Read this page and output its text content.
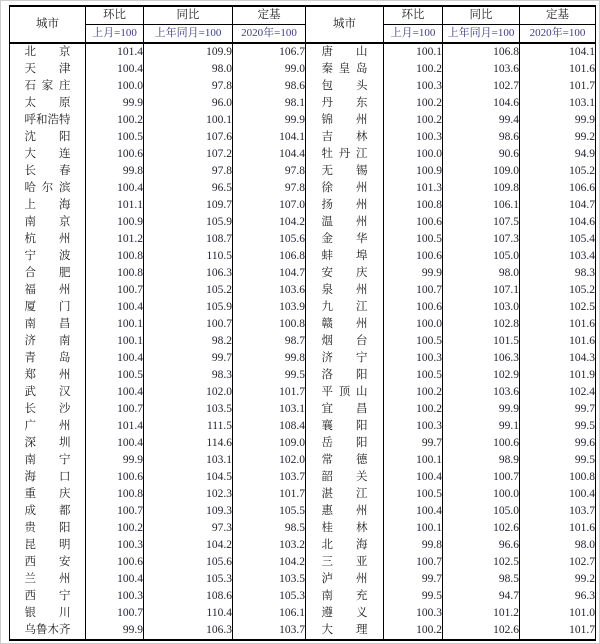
城市	环比	同比	定基	城市	环比	同比	定基
	上月=100	上年同月=100	2020年=100		上月=100	上年同月=100	2020年=100
北京	101.4	109.9	106.7	唐山	100.1	106.8	104.1
天津	100.4	98.0	99.0	秦皇岛	100.2	103.6	101.6
石家庄	100.0	97.8	98.6	包头	100.3	102.7	101.7
太原	99.9	96.0	98.1	丹东	100.2	104.6	103.1
呼和浩特	100.2	100.1	99.9	锦州	100.2	99.4	99.9
沈阳	100.5	107.6	104.1	吉林	100.3	98.6	99.2
大连	100.6	107.2	104.4	牡丹江	100.0	90.6	94.9
长春	99.8	97.8	97.8	无锡	100.9	109.0	105.2
哈尔滨	100.4	96.5	97.8	徐州	101.3	109.8	106.6
上海	101.1	109.7	107.0	扬州	100.8	106.1	104.7
南京	100.9	105.9	104.2	温州	100.6	107.5	104.6
杭州	101.2	108.7	105.6	金华	100.5	107.3	105.4
宁波	100.8	110.5	106.8	蚌埠	100.6	105.0	103.4
合肥	100.8	106.3	104.7	安庆	99.9	98.0	98.3
福州	100.7	105.2	103.6	泉州	100.7	107.1	105.2
厦门	100.4	105.9	103.9	九江	100.6	103.0	102.5
南昌	100.1	100.7	100.8	赣州	100.0	102.8	101.6
济南	100.1	98.2	98.7	烟台	100.5	101.5	101.6
青岛	100.4	99.7	99.8	济宁	100.3	106.3	104.3
郑州	100.5	98.3	99.5	洛阳	100.5	102.9	101.9
武汉	100.4	102.0	101.7	平顶山	100.2	103.6	102.4
长沙	100.7	103.5	103.1	宜昌	100.2	99.9	99.7
广州	101.4	111.5	108.4	襄阳	100.3	99.1	99.5
深圳	100.4	114.6	109.0	岳阳	99.7	100.6	99.6
南宁	99.9	103.1	102.0	常德	100.1	98.9	99.5
海口	100.6	104.5	103.7	韶关	100.4	100.7	100.8
重庆	100.8	102.3	101.7	湛江	100.5	100.0	100.4
成都	100.7	109.3	105.5	惠州	100.4	105.0	103.7
贵阳	100.2	97.3	98.5	桂林	100.1	102.6	101.6
昆明	100.3	104.2	103.2	北海	99.8	96.6	98.0
西安	100.6	105.6	104.2	三亚	100.7	102.5	102.7
兰州	100.4	105.3	103.5	泸州	99.7	98.5	99.2
西宁	100.3	108.6	105.3	南充	99.5	94.7	96.3
银川	100.7	110.4	106.1	遵义	100.3	101.2	101.0
乌鲁木齐	99.9	106.3	103.7	大理	100.2	102.6	101.7
